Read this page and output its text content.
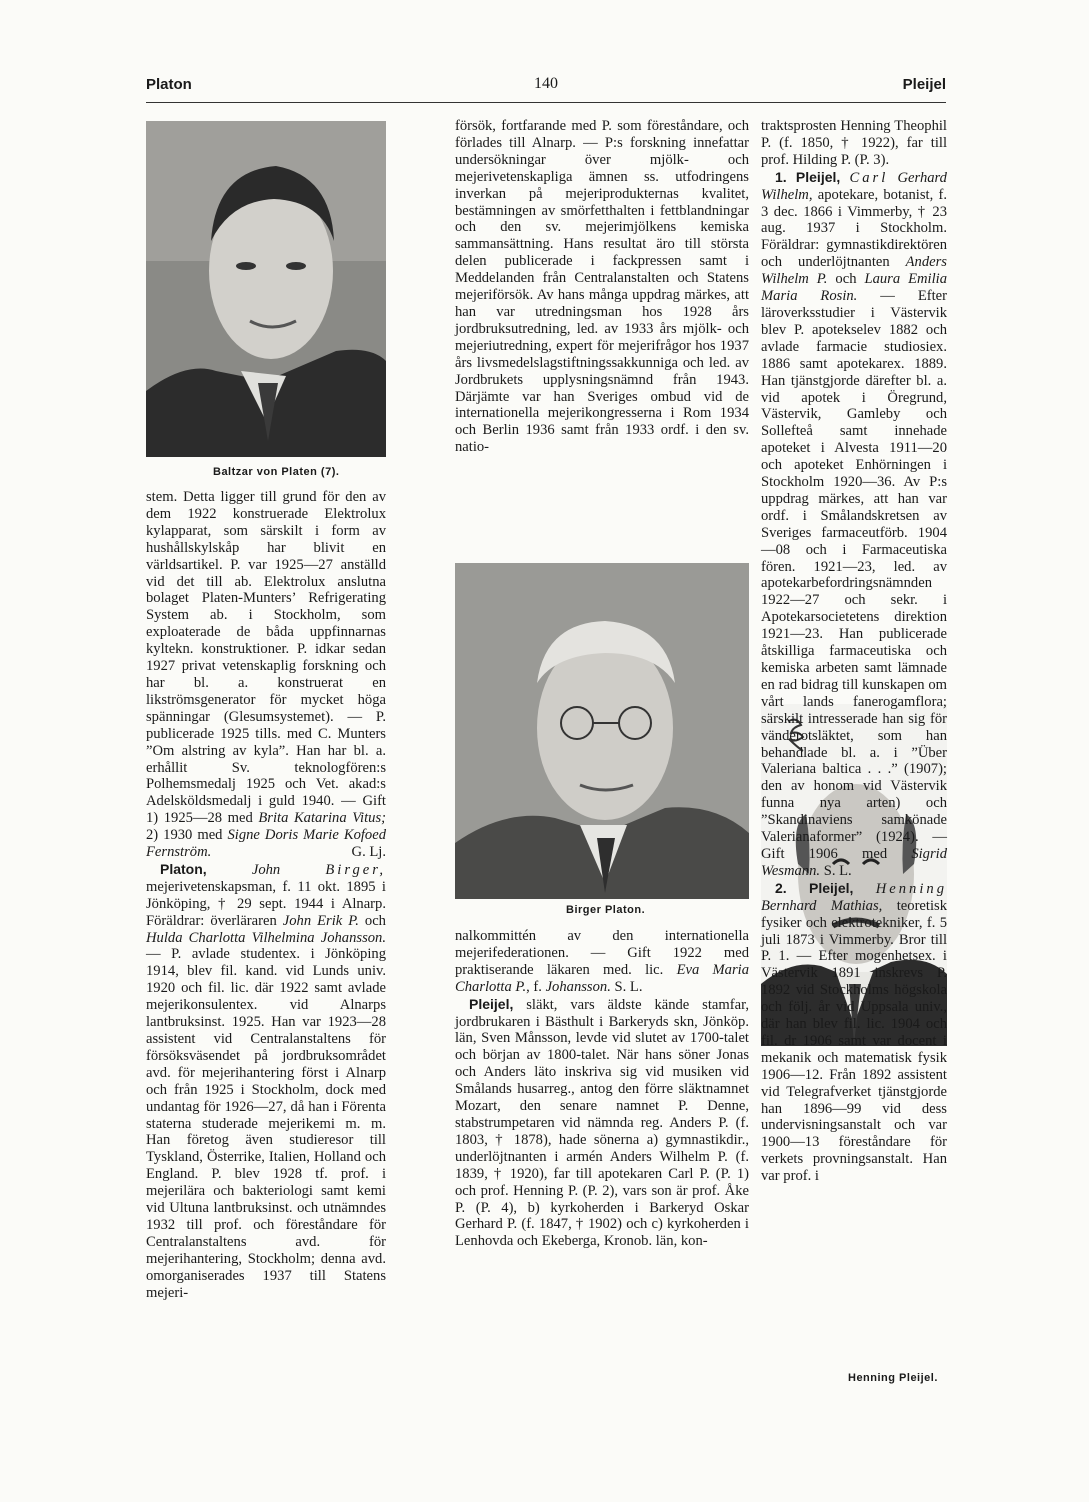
Platon	140	Pleijel
Baltzar von Platen (7).
Birger Platon.
Henning Pleijel.

stem. Detta ligger till grund för den av dem 1922 konstruerade Elektrolux kylapparat, som särskilt i form av hushållskylskåp har blivit en världsartikel. P. var 1925—27 anställd vid det till ab. Elektrolux anslutna bolaget Platen-Munters’ Refrigerating System ab. i Stockholm, som exploaterade de båda uppfinnarnas kyltekn. konstruktioner. P. idkar sedan 1927 privat vetenskaplig forskning och har bl. a. konstruerat en likströmsgenerator för mycket höga spänningar (Glesumsystemet). — P. publicerade 1925 tills. med C. Munters ”Om alstring av kyla”. Han har bl. a. erhållit Sv. teknologfören:s Polhemsmedalj 1925 och Vet. akad:s Adelsköldsmedalj i guld 1940. — Gift 1) 1925—28 med Brita Katarina Vitus; 2) 1930 med Signe Doris Marie Kofoed Fernström.	G. Lj.

Platon,	John	Birger, mejerivetenskapsman, f. 11 okt. 1895 i Jönköping, † 29 sept. 1944 i Alnarp. Föräldrar: överläraren John Erik P. och Hulda Charlotta Vilhelmina Johansson. — P. avlade studentex. i Jönköping 1914, blev fil. kand. vid Lunds univ. 1920 och fil. lic. där 1922 samt avlade mejerikonsulentex. vid Alnarps lantbruksinst. 1925. Han var 1923—28 assistent vid Centralanstaltens för försöksväsendet på jordbruksområdet avd. för mejerihantering först i Alnarp och från 1925 i Stockholm, dock med undantag för 1926—27, då han i Förenta staterna studerade mejerikemi m. m. Han företog även studieresor till Tyskland, Österrike, Italien, Holland och England. P. blev 1928 tf. prof. i mejerilära och bakteriologi samt kemi vid Ultuna lantbruksinst. och utnämndes 1932 till prof. och föreståndare för Centralanstaltens avd. för mejerihantering, Stockholm; denna avd. omorganiserades 1937 till Statens mejeri-

försök, fortfarande med P. som föreståndare, och förlades till Alnarp. — P:s forskning innefattar undersökningar över mjölk- och mejerivetenskapliga ämnen ss. utfodringens inverkan på mejeriprodukternas kvalitet, bestämningen av smörfetthalten i fettblandningar och den sv. mejerimjölkens kemiska sammansättning. Hans resultat äro till största delen publicerade i fackpressen samt i Meddelanden från Centralanstalten och Statens mejeriförsök. Av hans många uppdrag märkes, att han var utredningsman hos 1928 års jordbruksutredning, led. av 1933 års mjölk- och mejeriutredning, expert för mejerifrågor hos 1937 års livsmedelslagstiftningssakkunniga och led. av Jordbrukets upplysningsnämnd från 1943. Därjämte var han Sveriges ombud vid de internationella mejerikongresserna i Rom 1934 och Berlin 1936 samt från 1933 ordf. i den sv. natio-

nalkommittén av den internationella mejerifederationen. — Gift 1922 med praktiserande läkaren med. lic. Eva Maria Charlotta P., f. Johansson. S. L.

Pleijel, släkt, vars äldste kände stamfar, jordbrukaren i Bästhult i Barkeryds skn, Jönköp. län, Sven Månsson, levde vid slutet av 1700-talet och början av 1800-talet. När hans söner Jonas och Anders läto inskriva sig vid musiken vid Smålands husarreg., antog den förre släktnamnet Mozart, den senare namnet P. Denne, stabstrumpetaren vid nämnda reg. Anders P. (f. 1803, † 1878), hade sönerna a) gymnastikdir., underlöjtnanten i armén Anders Wilhelm P. (f. 1839, † 1920), far till apotekaren Carl P. (P. 1) och prof. Henning P. (P. 2), vars son är prof. Åke P. (P. 4), b) kyrkoherden i Barkeryd Oskar Gerhard P. (f. 1847, † 1902) och c) kyrkoherden i Lenhovda och Ekeberga, Kronob. län, kon-

traktsprosten Henning Theophil P. (f. 1850, † 1922), far till prof. Hilding P. (P. 3).

1. Pleijel, Carl Gerhard Wilhelm, apotekare, botanist, f. 3 dec. 1866 i Vimmerby, † 23 aug. 1937 i Stockholm. Föräldrar: gymnastikdirektören och underlöjtnanten Anders Wilhelm P. och Laura Emilia Maria Rosin. — Efter läroverksstudier i Västervik blev P. apotekselev 1882 och avlade farmacie studiosiex. 1886 samt apotekarex. 1889. Han tjänstgjorde därefter bl. a. vid apotek i Öregrund, Västervik, Gamleby och Sollefteå samt innehade apoteket i Alvesta 1911—20 och apoteket Enhörningen i Stockholm 1920—36. Av P:s uppdrag märkes, att han var ordf. i Smålandskretsen av Sveriges farmaceutförb. 1904—08 och i Farmaceutiska fören. 1921—23, led. av apotekarbefordringsnämnden 1922—27 och sekr. i Apotekarsocietetens direktion 1921—23. Han publicerade åtskilliga farmaceutiska och kemiska arbeten samt lämnade en rad bidrag till kunskapen om vårt lands fanerogamflora; särskilt intresserade han sig för vänderotsläktet, som han behandlade bl. a. i ”Über Valeriana baltica . . .” (1907); den av honom vid Västervik funna nya arten) och ”Skandinaviens samkönade Valerianaformer” (1924). — Gift 1906 med Sigrid Wesmann. S. L.

2. Pleijel, Henning Bernhard Mathias, teoretisk fysiker och elektrotekniker, f. 5 juli 1873 i Vimmerby. Bror till P. 1. — Efter mogenhetsex. i Västervik 1891 inskrevs P. 1892 vid Stockholms högskola och följ. år vid Uppsala univ., där han blev fil. lic. 1904 och fil. dr 1906 samt var docent i mekanik och matematisk fysik 1906—12. Från 1892 assistent vid Telegrafverket tjänstgjorde han 1896—99 vid dess undervisningsanstalt och var 1900—13 föreståndare för verkets provningsanstalt. Han var prof. i
